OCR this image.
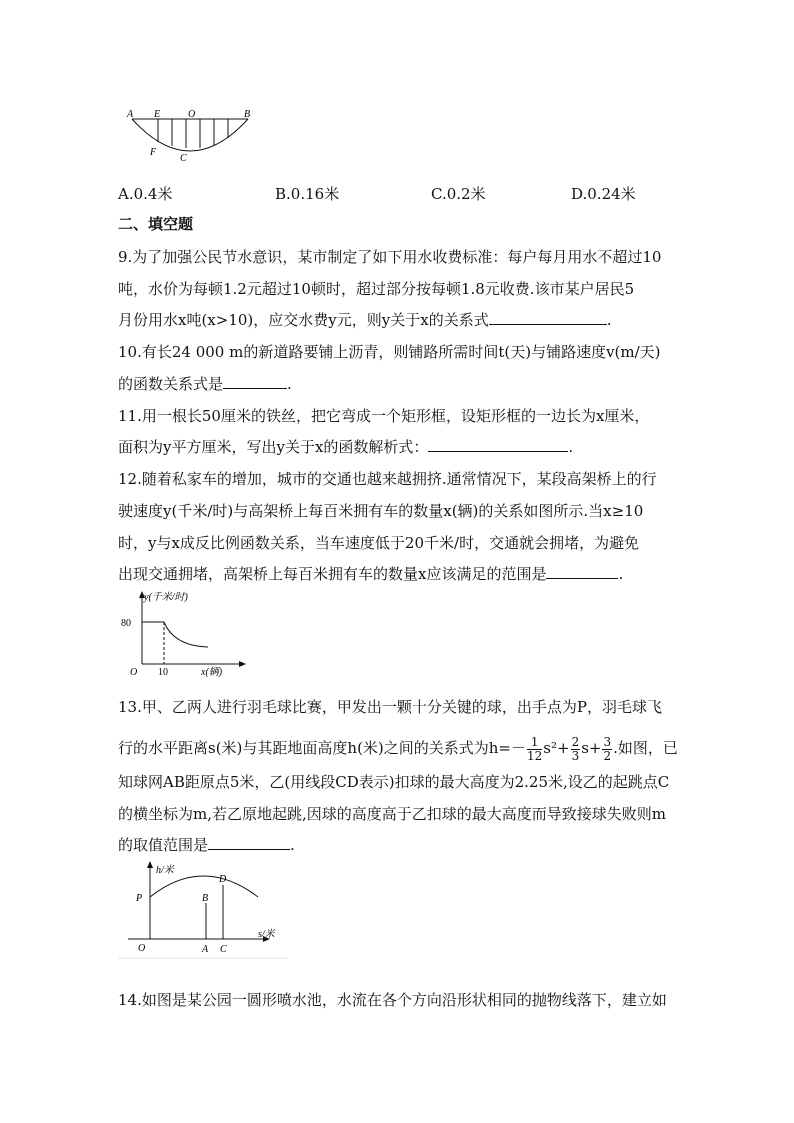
A E	O	B
F
C
A.0.4米	B.0.16米	C.0.2米	D.0.24米
二、填空题
9.为了加强公民节水意识，某市制定了如下用水收费标准：每户每月用水不超过10
吨，水价为每顿1.2元超过10顿时，超过部分按每顿1.8元收费.该市某户居民5
月份用水x吨(x>10)，应交水费y元，则y关于x的关系式	.
10.有长24 000 m的新道路要铺上沥青，则铺路所需时间t(天)与铺路速度v(m/天)
的函数关系式是	.
11.用一根长50厘米的铁丝，把它弯成一个矩形框，设矩形框的一边长为x厘米，
面积为y平方厘米，写出y关于x的函数解析式：	.
12.随着私家车的增加，城市的交通也越来越拥挤.通常情况下，某段高架桥上的行
驶速度y(千米/时)与高架桥上每百米拥有车的数量x(辆)的关系如图所示.当x≥10
时，y与x成反比例函数关系，当车速度低于20千米/时，交通就会拥堵，为避免
出现交通拥堵，高架桥上每百米拥有车的数量x应该满足的范围是	.
y(千米/时)
80
O 10	x(辆)
13.甲、乙两人进行羽毛球比赛，甲发出一颗十分关键的球，出手点为P，羽毛球飞
行的水平距离s(米)与其距地面高度h(米)之间的关系式为$h=- \frac{1}{12} s^2+ \frac{2}{3} s+ \frac{3}{2}$ .如图，已
知球网AB距原点5米，乙(用线段CD表示)扣球的最大高度为2.25米,设乙的起跳点C
的横坐标为m,若乙原地起跳,因球的高度高于乙扣球的最大高度而导致接球失败则m
的取值范围是	.
h/米
s/米
P	B
D
O	A C
14.如图是某公园一圆形喷水池，水流在各个方向沿形状相同的抛物线落下，建立如
